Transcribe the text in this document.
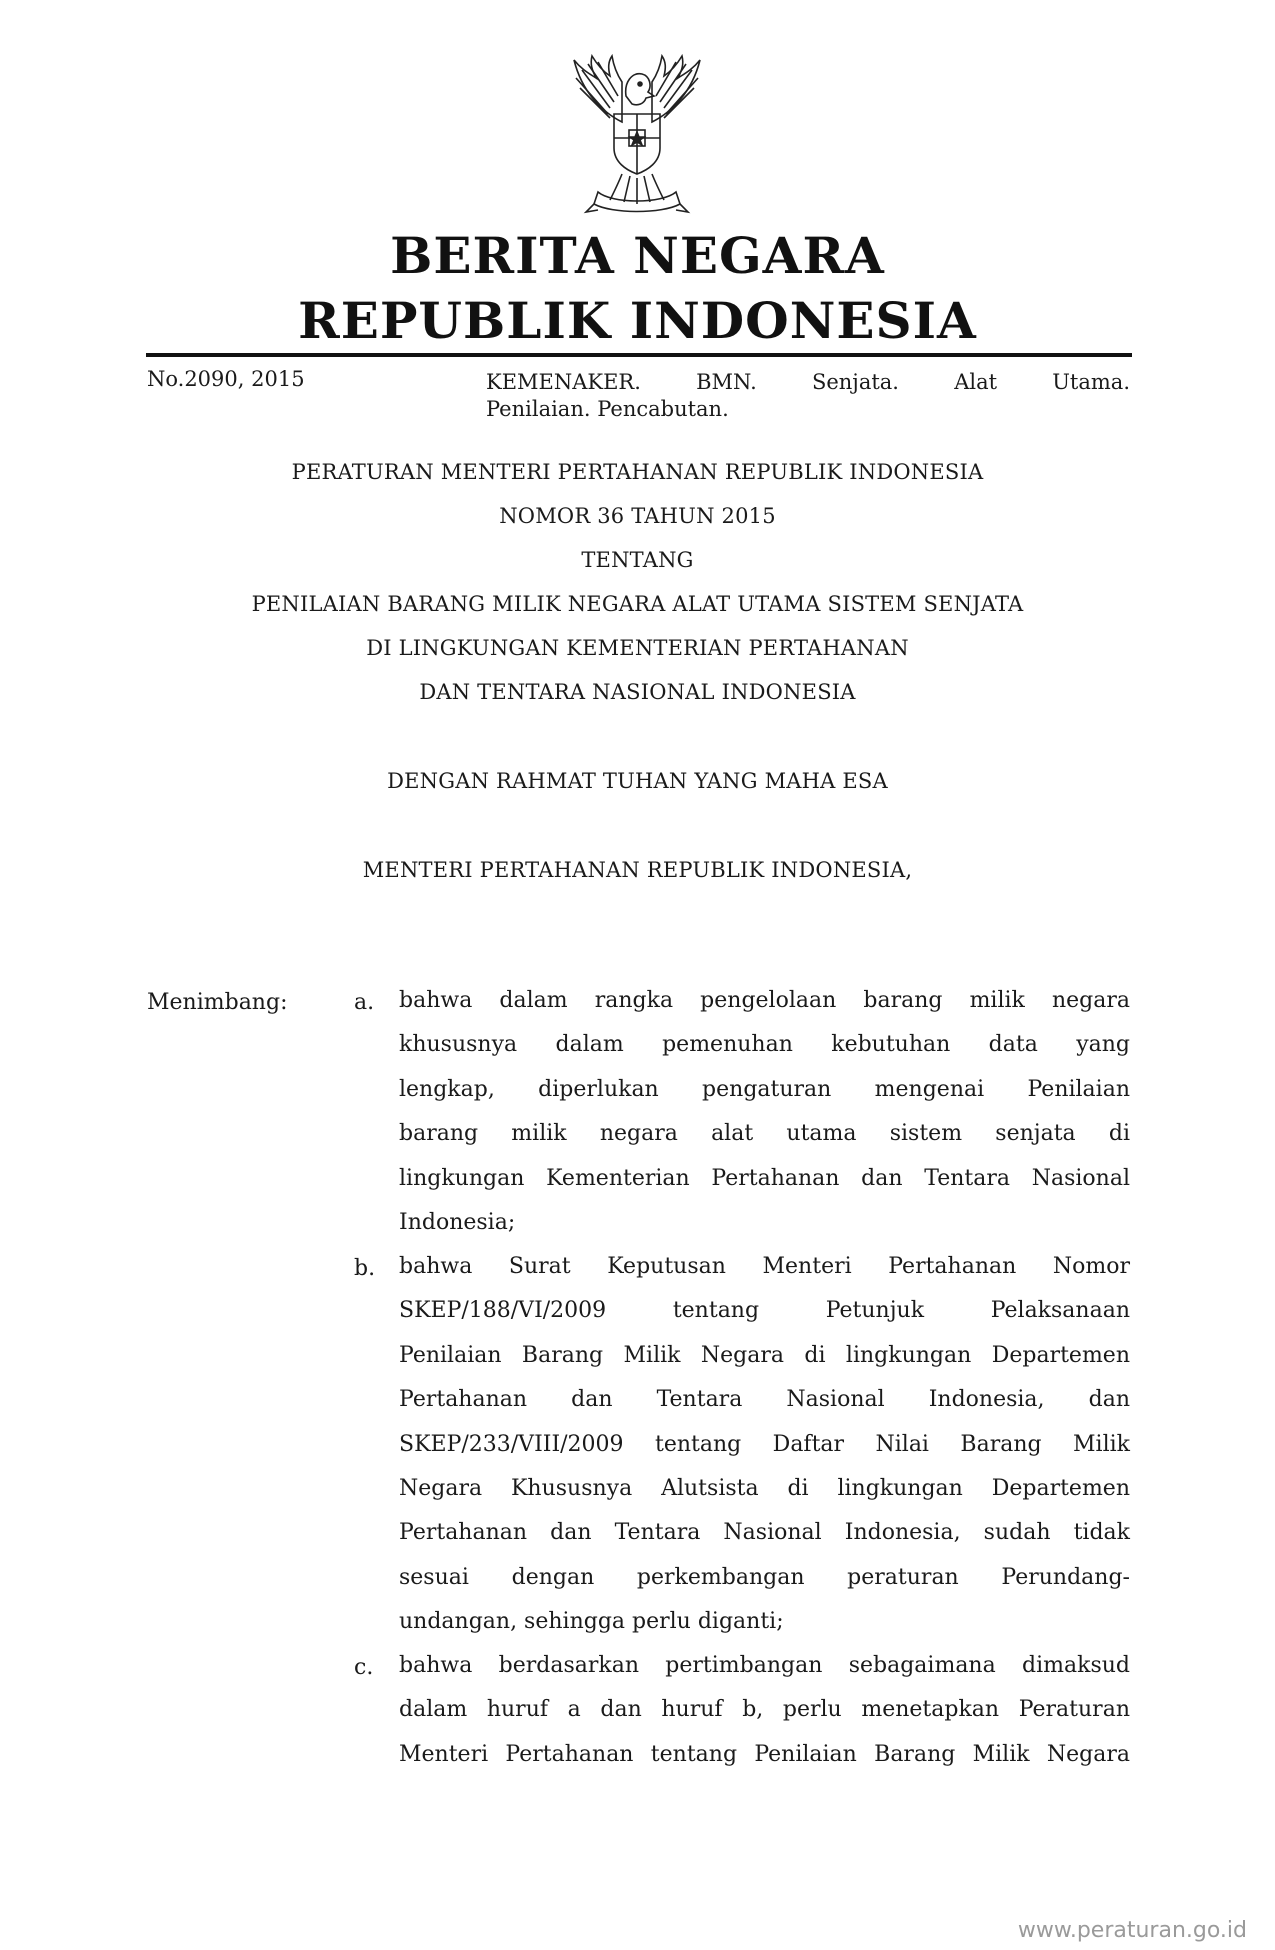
BERITA NEGARA
REPUBLIK INDONESIA
No.2090, 2015	KEMENAKER.	BMN.	Senjata.	Alat	Utama.
Penilaian. Pencabutan.
PERATURAN MENTERI PERTAHANAN REPUBLIK INDONESIA
NOMOR 36 TAHUN 2015
TENTANG
PENILAIAN BARANG MILIK NEGARA ALAT UTAMA SISTEM SENJATA
DI LINGKUNGAN KEMENTERIAN PERTAHANAN
DAN TENTARA NASIONAL INDONESIA
DENGAN RAHMAT TUHAN YANG MAHA ESA
MENTERI PERTAHANAN REPUBLIK INDONESIA,
Menimbang:	a. bahwa dalam rangka pengelolaan barang milik negara
khususnya dalam pemenuhan kebutuhan data yang
lengkap, diperlukan pengaturan mengenai Penilaian
barang milik negara alat utama sistem senjata di
lingkungan Kementerian Pertahanan dan Tentara Nasional
Indonesia;
b. bahwa Surat Keputusan Menteri Pertahanan Nomor
SKEP/188/VI/2009 tentang Petunjuk Pelaksanaan
Penilaian Barang Milik Negara di lingkungan Departemen
Pertahanan dan Tentara Nasional Indonesia, dan
SKEP/233/VIII/2009 tentang Daftar Nilai Barang Milik
Negara Khususnya Alutsista di lingkungan Departemen
Pertahanan dan Tentara Nasional Indonesia, sudah tidak
sesuai dengan perkembangan peraturan Perundang-
undangan, sehingga perlu diganti;
c. bahwa berdasarkan pertimbangan sebagaimana dimaksud
dalam huruf a dan huruf b, perlu menetapkan Peraturan
Menteri Pertahanan tentang Penilaian Barang Milik Negara
www.peraturan.go.id
